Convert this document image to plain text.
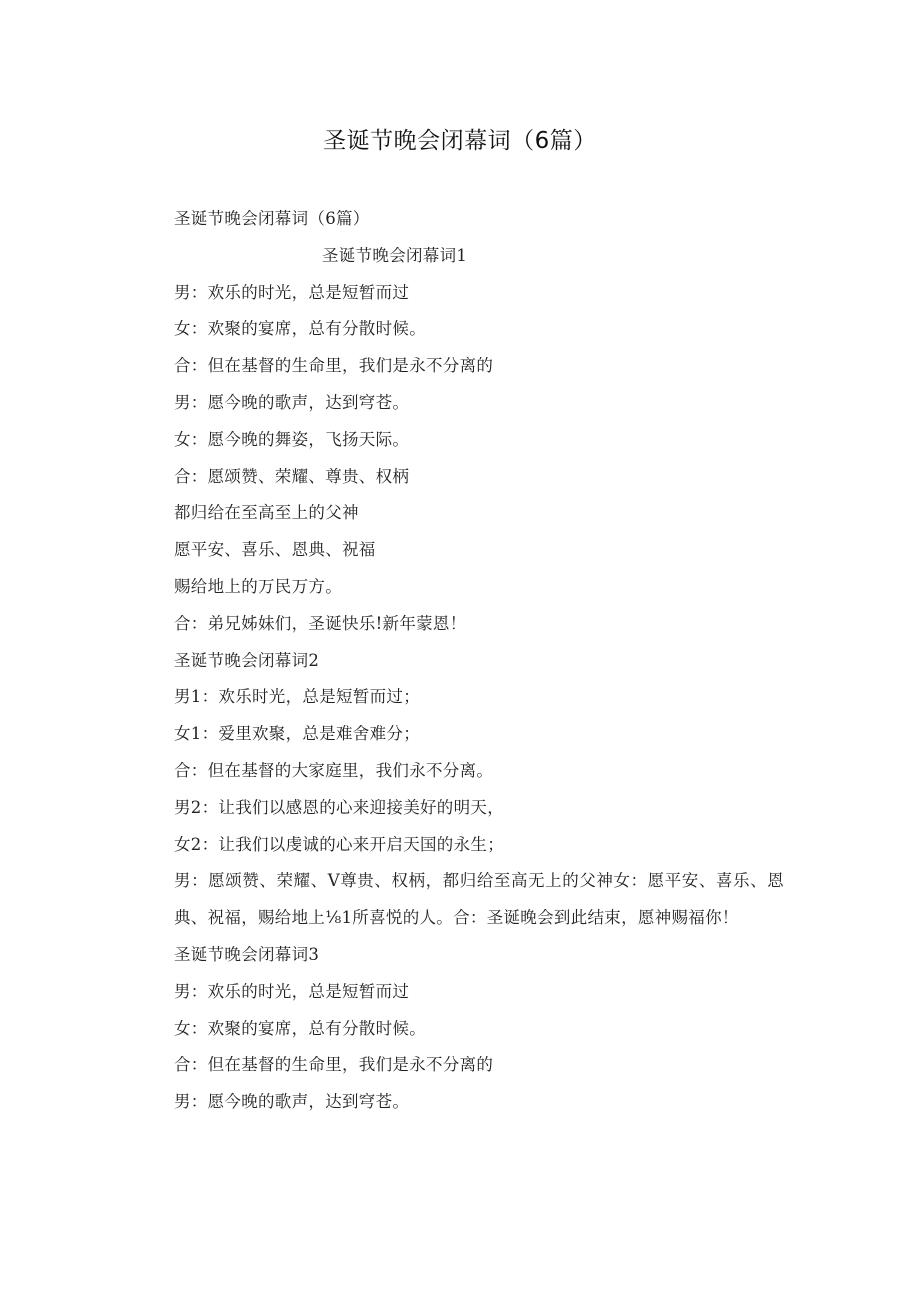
圣诞节晚会闭幕词（6篇）

圣诞节晚会闭幕词（6篇）

圣诞节晚会闭幕词1

男：欢乐的时光，总是短暂而过

女：欢聚的宴席，总有分散时候。

合：但在基督的生命里，我们是永不分离的

男：愿今晚的歌声，达到穹苍。

女：愿今晚的舞姿，飞扬天际。

合：愿颂赞、荣耀、尊贵、权柄

都归给在至高至上的父神

愿平安、喜乐、恩典、祝福

赐给地上的万民万方。

合：弟兄姊妹们，圣诞快乐!新年蒙恩！

圣诞节晚会闭幕词2

男1：欢乐时光，总是短暂而过；

女1：爱里欢聚，总是难舍难分；

合：但在基督的大家庭里，我们永不分离。

男2：让我们以感恩的心来迎接美好的明天，

女2：让我们以虔诚的心来开启天国的永生；

男：愿颂赞、荣耀、V尊贵、权柄，都归给至高无上的父神女：愿平安、喜乐、恩典、祝福，赐给地上⅛1所喜悦的人。合：圣诞晚会到此结束，愿神赐福你！

圣诞节晚会闭幕词3

男：欢乐的时光，总是短暂而过

女：欢聚的宴席，总有分散时候。

合：但在基督的生命里，我们是永不分离的

男：愿今晚的歌声，达到穹苍。
